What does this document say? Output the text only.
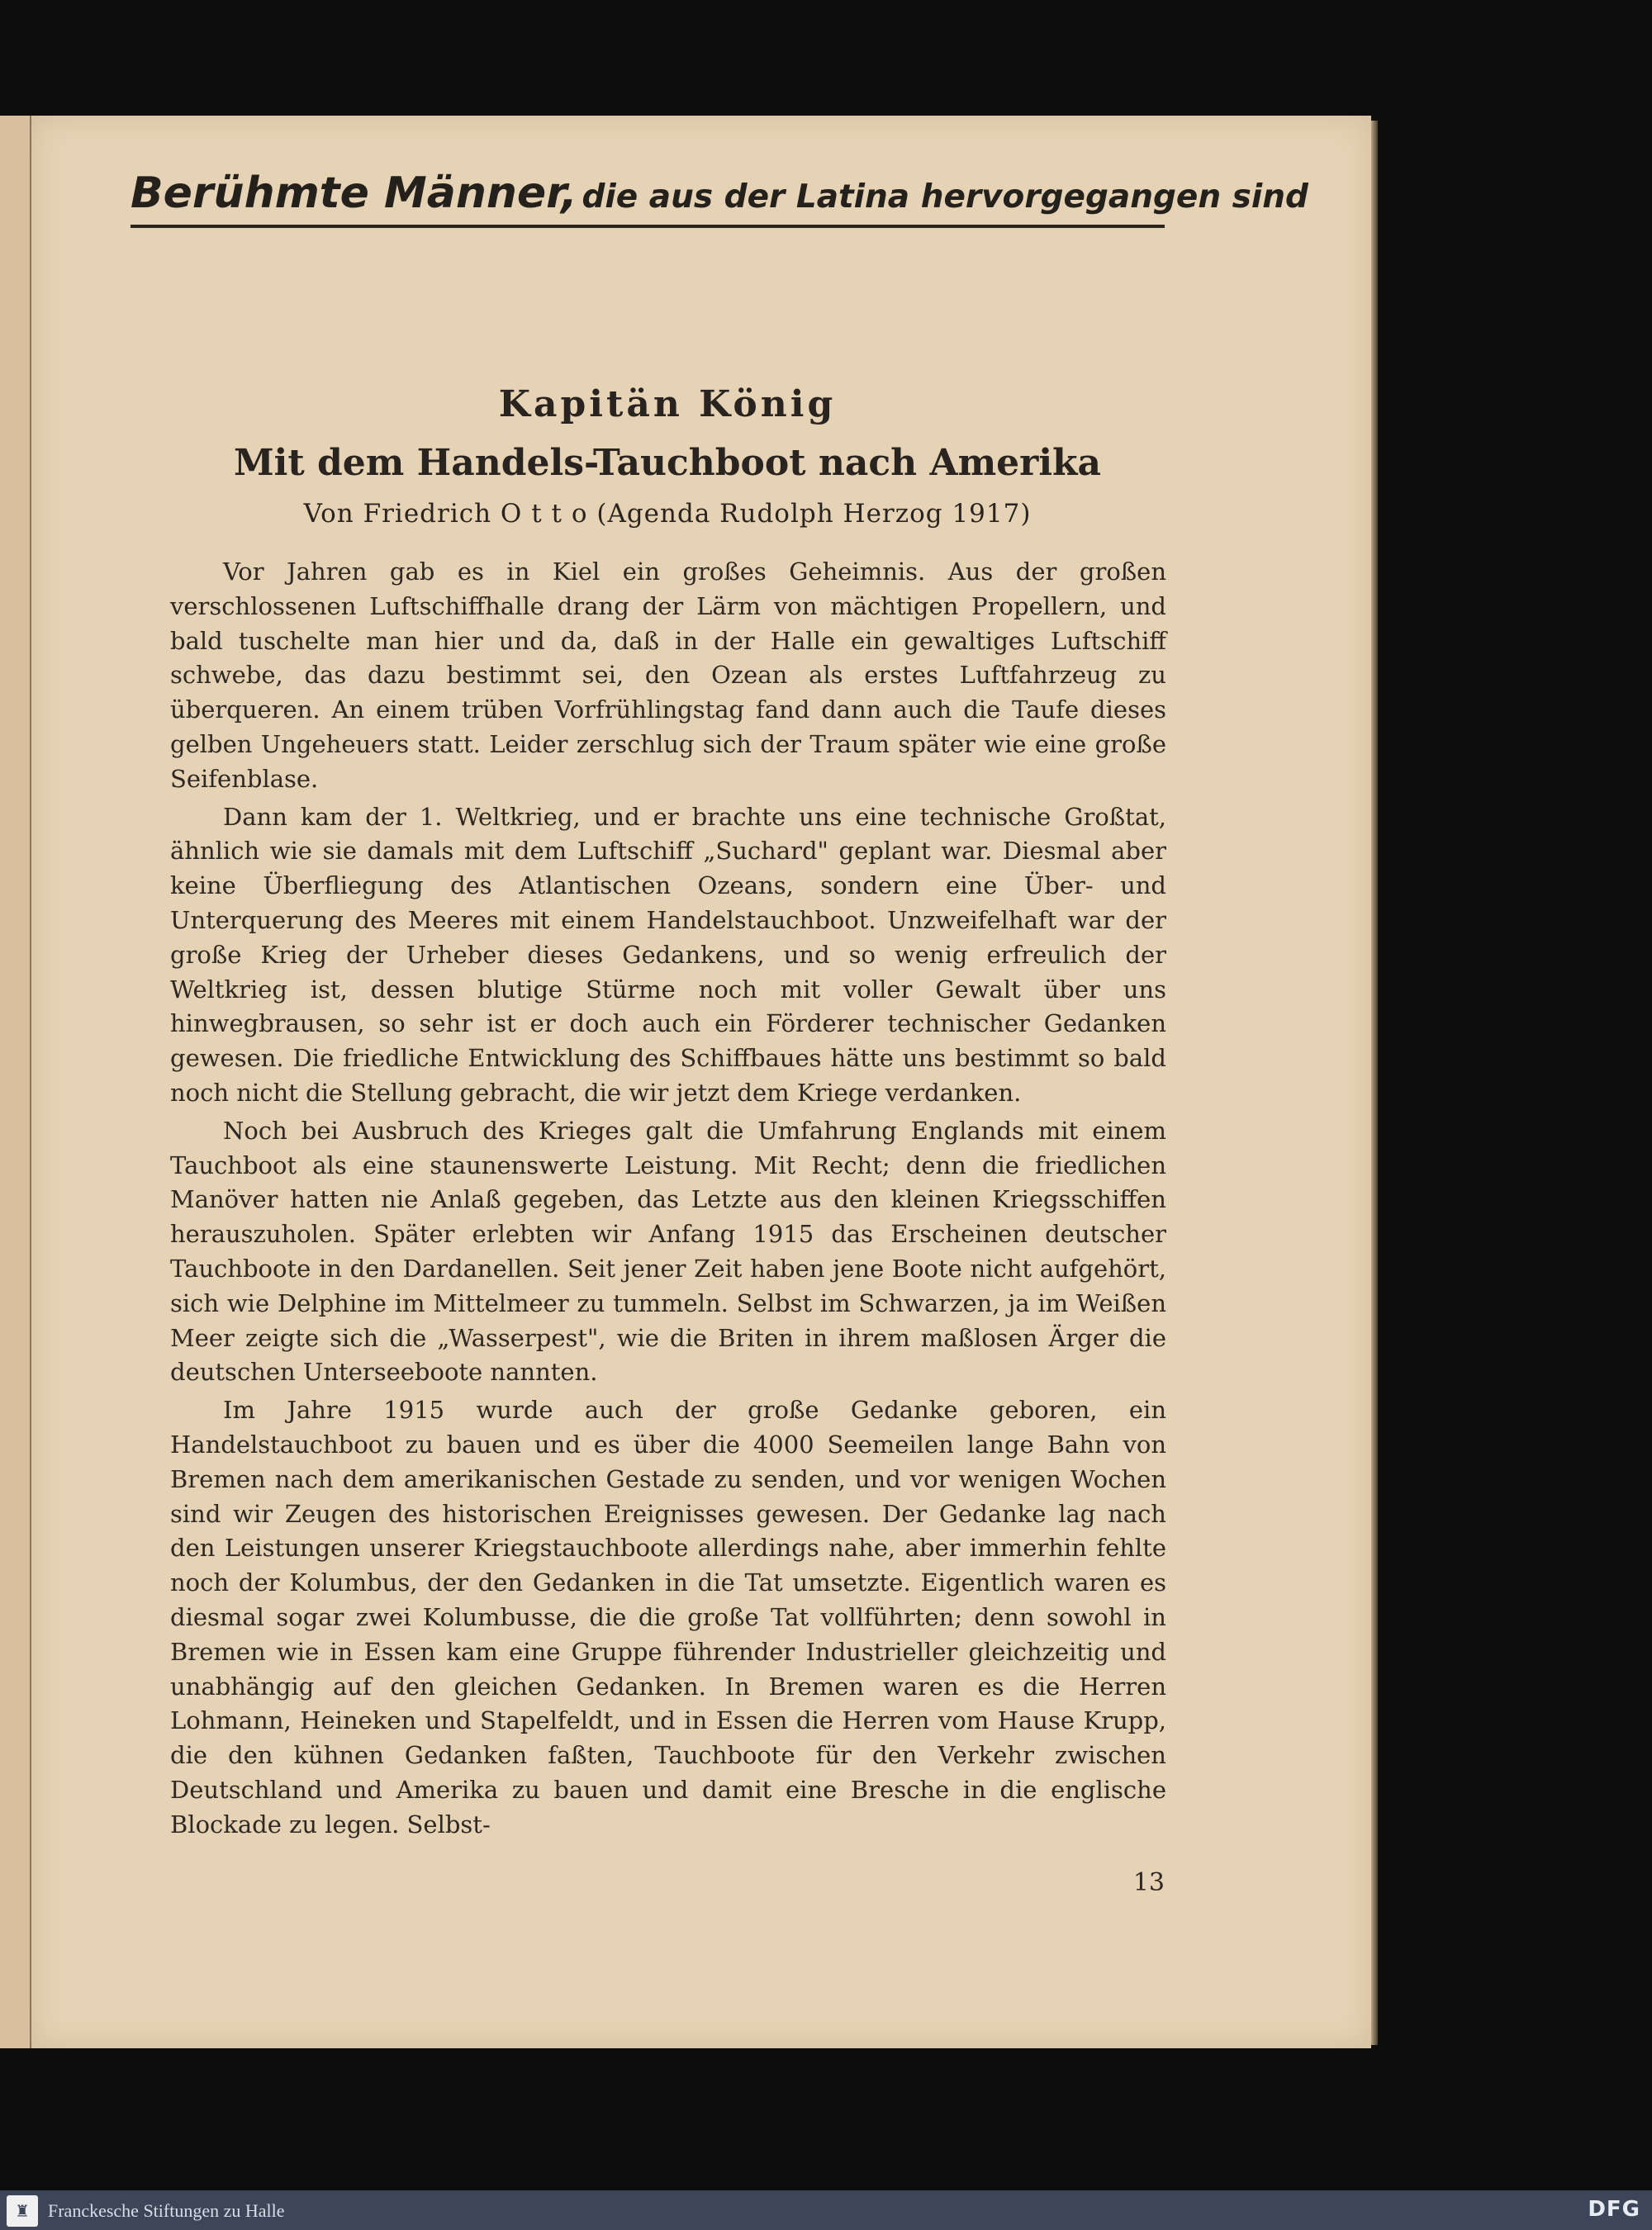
Berühmte Männer, die aus der Latina hervorgegangen sind
Kapitän König
Mit dem Handels-Tauchboot nach Amerika
Von Friedrich O t t o (Agenda Rudolph Herzog 1917)

Vor Jahren gab es in Kiel ein großes Geheimnis. Aus der großen verschlossenen Luftschiffhalle drang der Lärm von mächtigen Propellern, und bald tuschelte man hier und da, daß in der Halle ein gewaltiges Luftschiff schwebe, das dazu bestimmt sei, den Ozean als erstes Luftfahrzeug zu überqueren. An einem trüben Vorfrühlingstag fand dann auch die Taufe dieses gelben Ungeheuers statt. Leider zerschlug sich der Traum später wie eine große Seifenblase.

Dann kam der 1. Weltkrieg, und er brachte uns eine technische Großtat, ähnlich wie sie damals mit dem Luftschiff „Suchard" geplant war. Diesmal aber keine Überfliegung des Atlantischen Ozeans, sondern eine Über- und Unterquerung des Meeres mit einem Handelstauchboot. Unzweifelhaft war der große Krieg der Urheber dieses Gedankens, und so wenig erfreulich der Weltkrieg ist, dessen blutige Stürme noch mit voller Gewalt über uns hinwegbrausen, so sehr ist er doch auch ein Förderer technischer Gedanken gewesen. Die friedliche Entwicklung des Schiffbaues hätte uns bestimmt so bald noch nicht die Stellung gebracht, die wir jetzt dem Kriege verdanken.

Noch bei Ausbruch des Krieges galt die Umfahrung Englands mit einem Tauchboot als eine staunenswerte Leistung. Mit Recht; denn die friedlichen Manöver hatten nie Anlaß gegeben, das Letzte aus den kleinen Kriegsschiffen herauszuholen. Später erlebten wir Anfang 1915 das Erscheinen deutscher Tauchboote in den Dardanellen. Seit jener Zeit haben jene Boote nicht aufgehört, sich wie Delphine im Mittelmeer zu tummeln. Selbst im Schwarzen, ja im Weißen Meer zeigte sich die „Wasserpest", wie die Briten in ihrem maßlosen Ärger die deutschen Unterseeboote nannten.

Im Jahre 1915 wurde auch der große Gedanke geboren, ein Handelstauchboot zu bauen und es über die 4000 Seemeilen lange Bahn von Bremen nach dem amerikanischen Gestade zu senden, und vor wenigen Wochen sind wir Zeugen des historischen Ereignisses gewesen. Der Gedanke lag nach den Leistungen unserer Kriegstauchboote allerdings nahe, aber immerhin fehlte noch der Kolumbus, der den Gedanken in die Tat umsetzte. Eigentlich waren es diesmal sogar zwei Kolumbusse, die die große Tat vollführten; denn sowohl in Bremen wie in Essen kam eine Gruppe führender Industrieller gleichzeitig und unabhängig auf den gleichen Gedanken. In Bremen waren es die Herren Lohmann, Heineken und Stapelfeldt, und in Essen die Herren vom Hause Krupp, die den kühnen Gedanken faßten, Tauchboote für den Verkehr zwischen Deutschland und Amerika zu bauen und damit eine Bresche in die englische Blockade zu legen. Selbst-

13
♜	Franckesche Stiftungen zu Halle	DFG
